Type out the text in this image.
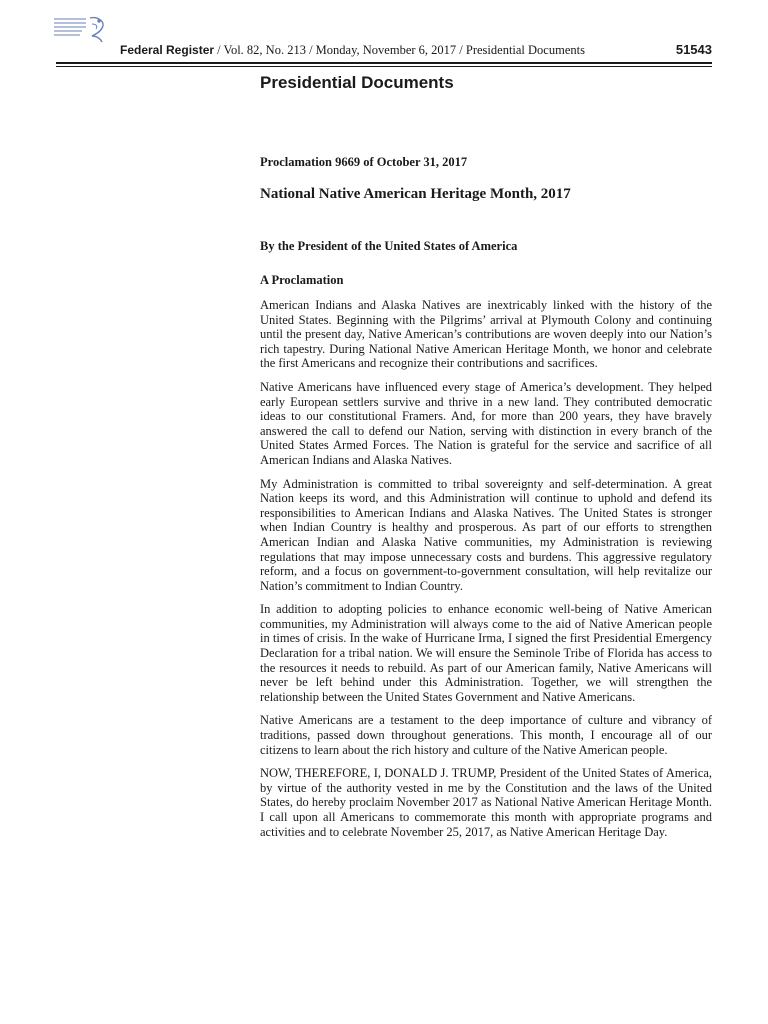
Federal Register / Vol. 82, No. 213 / Monday, November 6, 2017 / Presidential Documents	51543
Presidential Documents

Proclamation 9669 of October 31, 2017

National Native American Heritage Month, 2017

By the President of the United States of America

A Proclamation

American Indians and Alaska Natives are inextricably linked with the history of the United States. Beginning with the Pilgrims’ arrival at Plymouth Colony and continuing until the present day, Native American’s contributions are woven deeply into our Nation’s rich tapestry. During National Native American Heritage Month, we honor and celebrate the first Americans and recognize their contributions and sacrifices.

Native Americans have influenced every stage of America’s development. They helped early European settlers survive and thrive in a new land. They contributed democratic ideas to our constitutional Framers. And, for more than 200 years, they have bravely answered the call to defend our Nation, serving with distinction in every branch of the United States Armed Forces. The Nation is grateful for the service and sacrifice of all American Indians and Alaska Natives.

My Administration is committed to tribal sovereignty and self-determination. A great Nation keeps its word, and this Administration will continue to uphold and defend its responsibilities to American Indians and Alaska Natives. The United States is stronger when Indian Country is healthy and prosperous. As part of our efforts to strengthen American Indian and Alaska Native communities, my Administration is reviewing regulations that may impose unnecessary costs and burdens. This aggressive regulatory reform, and a focus on government-to-government consultation, will help revitalize our Nation’s commitment to Indian Country.

In addition to adopting policies to enhance economic well-being of Native American communities, my Administration will always come to the aid of Native American people in times of crisis. In the wake of Hurricane Irma, I signed the first Presidential Emergency Declaration for a tribal nation. We will ensure the Seminole Tribe of Florida has access to the resources it needs to rebuild. As part of our American family, Native Americans will never be left behind under this Administration. Together, we will strengthen the relationship between the United States Government and Native Americans.

Native Americans are a testament to the deep importance of culture and vibrancy of traditions, passed down throughout generations. This month, I encourage all of our citizens to learn about the rich history and culture of the Native American people.

NOW, THEREFORE, I, DONALD J. TRUMP, President of the United States of America, by virtue of the authority vested in me by the Constitution and the laws of the United States, do hereby proclaim November 2017 as National Native American Heritage Month. I call upon all Americans to commemorate this month with appropriate programs and activities and to celebrate November 25, 2017, as Native American Heritage Day.
